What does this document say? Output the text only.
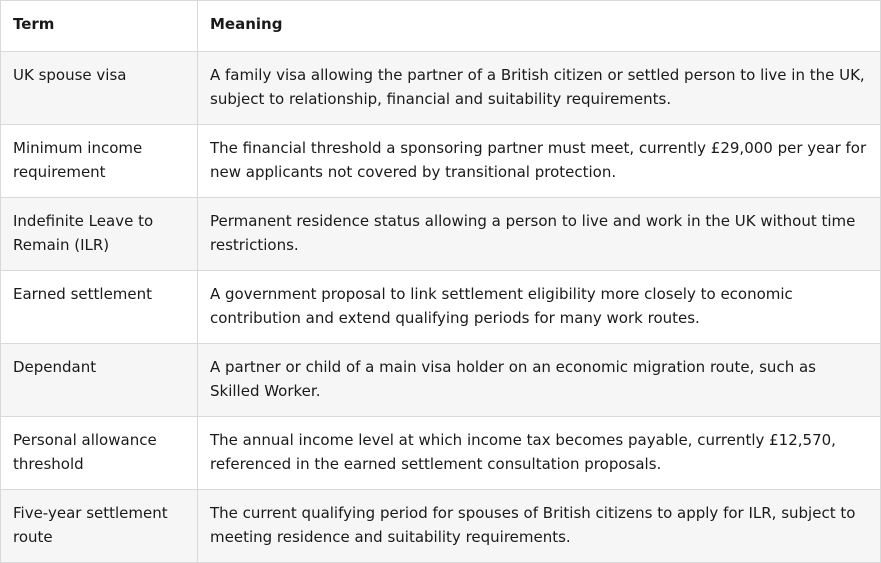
Term	Meaning
UK spouse visa	A family visa allowing the partner of a British citizen or settled person to live in the UK, subject to relationship, financial and suitability requirements.
Minimum income requirement	The financial threshold a sponsoring partner must meet, currently £29,000 per year for new applicants not covered by transitional protection.
Indefinite Leave to Remain (ILR)	Permanent residence status allowing a person to live and work in the UK without time restrictions.
Earned settlement	A government proposal to link settlement eligibility more closely to economic contribution and extend qualifying periods for many work routes.
Dependant	A partner or child of a main visa holder on an economic migration route, such as Skilled Worker.
Personal allowance threshold	The annual income level at which income tax becomes payable, currently £12,570, referenced in the earned settlement consultation proposals.
Five-year settlement route	The current qualifying period for spouses of British citizens to apply for ILR, subject to meeting residence and suitability requirements.
